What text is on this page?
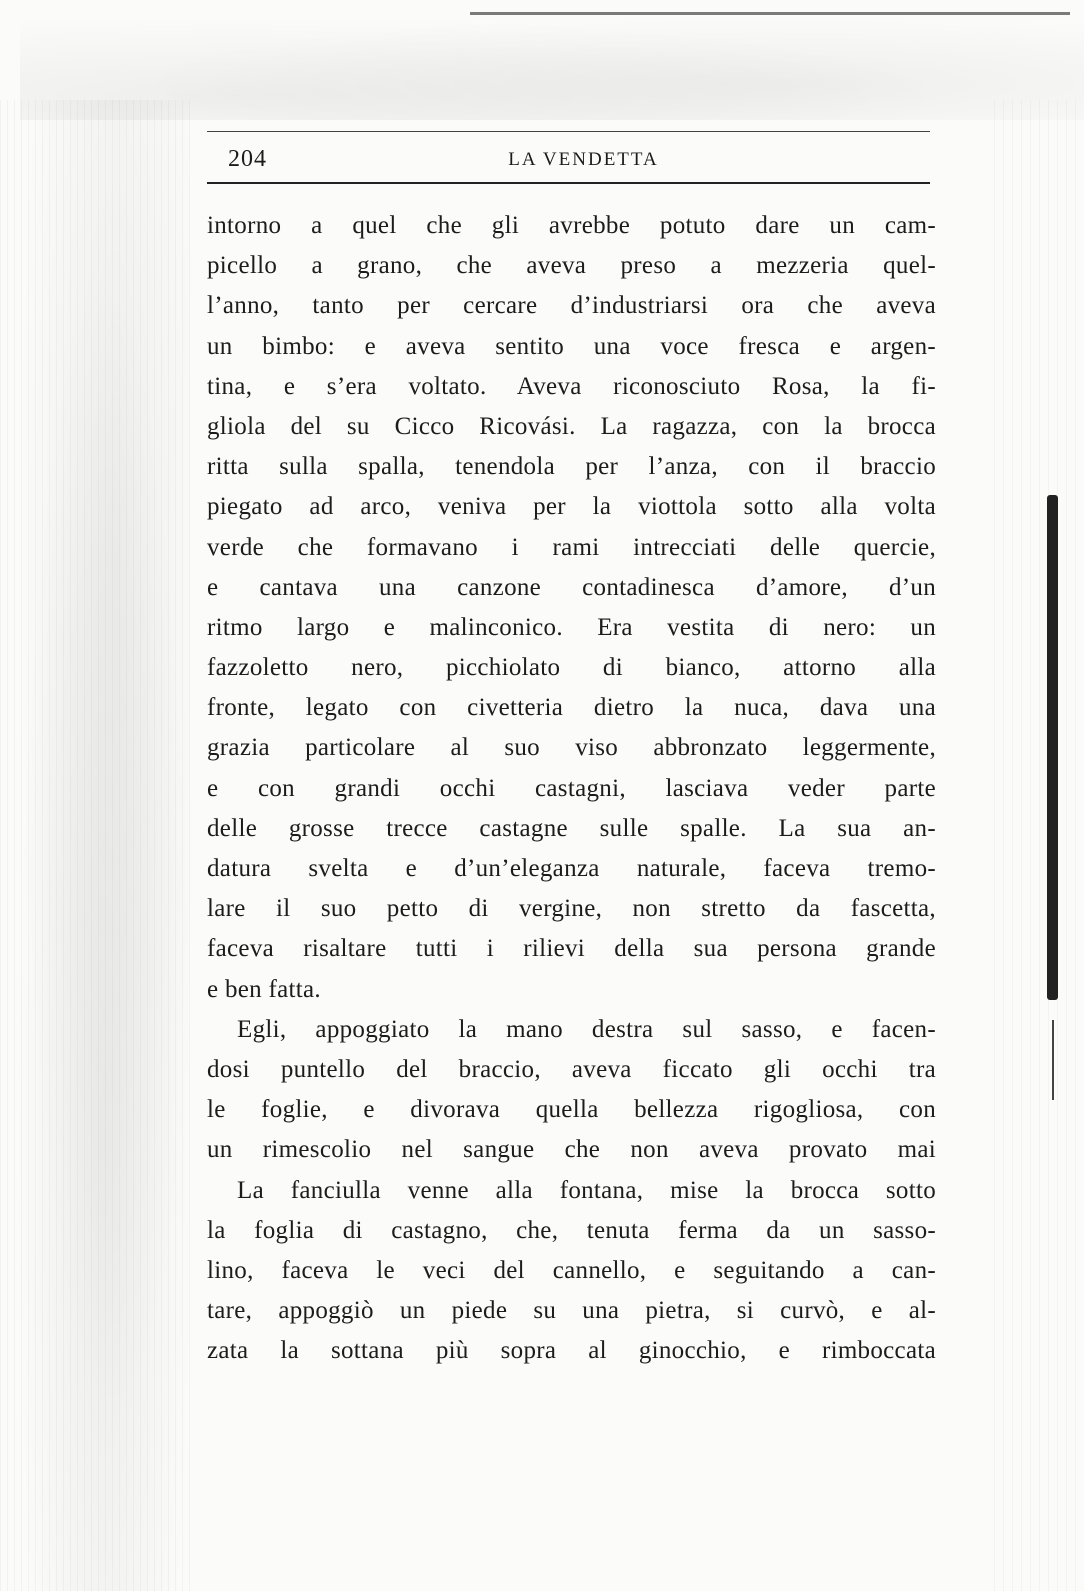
204	LA VENDETTA
intorno a quel che gli avrebbe potuto dare un cam-
picello a grano, che aveva preso a mezzeria quel-
l’anno, tanto per cercare d’industriarsi ora che aveva
un bimbo: e aveva sentito una voce fresca e argen-
tina, e s’era voltato. Aveva riconosciuto Rosa, la fi-
gliola del su Cicco Ricovási. La ragazza, con la brocca
ritta sulla spalla, tenendola per l’anza, con il braccio
piegato ad arco, veniva per la viottola sotto alla volta
verde che formavano i rami intrecciati delle quercie,
e cantava una canzone contadinesca d’amore, d’un
ritmo largo e malinconico. Era vestita di nero: un
fazzoletto nero, picchiolato di bianco, attorno alla
fronte, legato con civetteria dietro la nuca, dava una
grazia particolare al suo viso abbronzato leggermente,
e con grandi occhi castagni, lasciava veder parte
delle grosse trecce castagne sulle spalle. La sua an-
datura svelta e d’un’eleganza naturale, faceva tremo-
lare il suo petto di vergine, non stretto da fascetta,
faceva risaltare tutti i rilievi della sua persona grande
e ben fatta.
Egli, appoggiato la mano destra sul sasso, e facen-
dosi puntello del braccio, aveva ficcato gli occhi tra
le foglie, e divorava quella bellezza rigogliosa, con
un rimescolio nel sangue che non aveva provato mai
La fanciulla venne alla fontana, mise la brocca sotto
la foglia di castagno, che, tenuta ferma da un sasso-
lino, faceva le veci del cannello, e seguitando a can-
tare, appoggiò un piede su una pietra, si curvò, e al-
zata la sottana più sopra al ginocchio, e rimboccata
